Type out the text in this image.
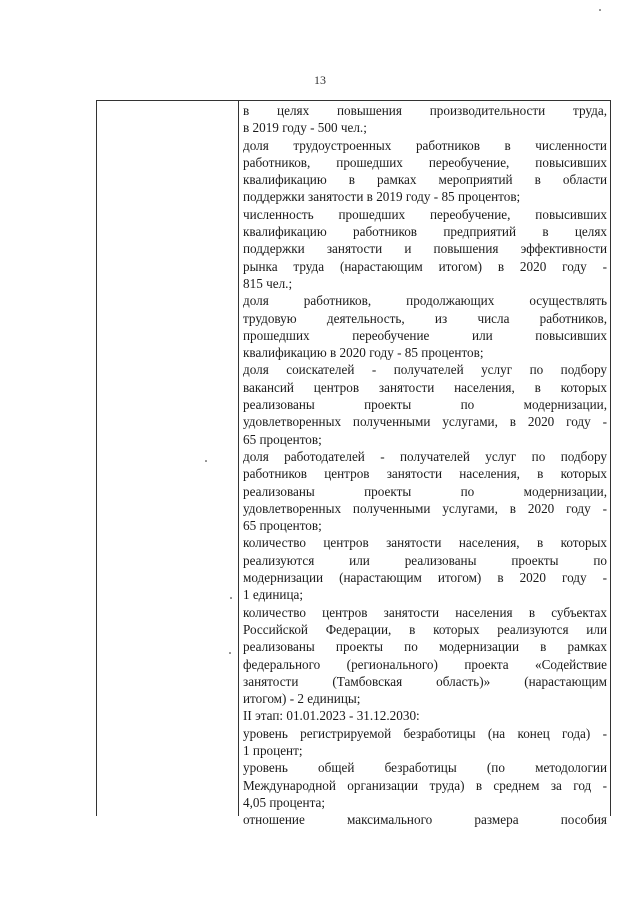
13
в целях повышения производительности труда,
в 2019 году - 500 чел.;
доля трудоустроенных работников в численности
работников, прошедших переобучение, повысивших
квалификацию в рамках мероприятий в области
поддержки занятости в 2019 году - 85 процентов;
численность прошедших переобучение, повысивших
квалификацию работников предприятий в целях
поддержки занятости и повышения эффективности
рынка труда (нарастающим итогом) в 2020 году -
815 чел.;
доля работников, продолжающих осуществлять
трудовую деятельность, из числа работников,
прошедших переобучение или повысивших
квалификацию в 2020 году - 85 процентов;
доля соискателей - получателей услуг по подбору
вакансий центров занятости населения, в которых
реализованы проекты по модернизации,
удовлетворенных полученными услугами, в 2020 году -
65 процентов;
доля работодателей - получателей услуг по подбору
работников центров занятости населения, в которых
реализованы проекты по модернизации,
удовлетворенных полученными услугами, в 2020 году -
65 процентов;
количество центров занятости населения, в которых
реализуются или реализованы проекты по
модернизации (нарастающим итогом) в 2020 году -
1 единица;
количество центров занятости населения в субъектах
Российской Федерации, в которых реализуются или
реализованы проекты по модернизации в рамках
федерального (регионального) проекта «Содействие
занятости (Тамбовская область)» (нарастающим
итогом) - 2 единицы;
II этап: 01.01.2023 - 31.12.2030:
уровень регистрируемой безработицы (на конец года) -
1 процент;
уровень общей безработицы (по методологии
Международной организации труда) в среднем за год -
4,05 процента;
отношение максимального размера пособия
